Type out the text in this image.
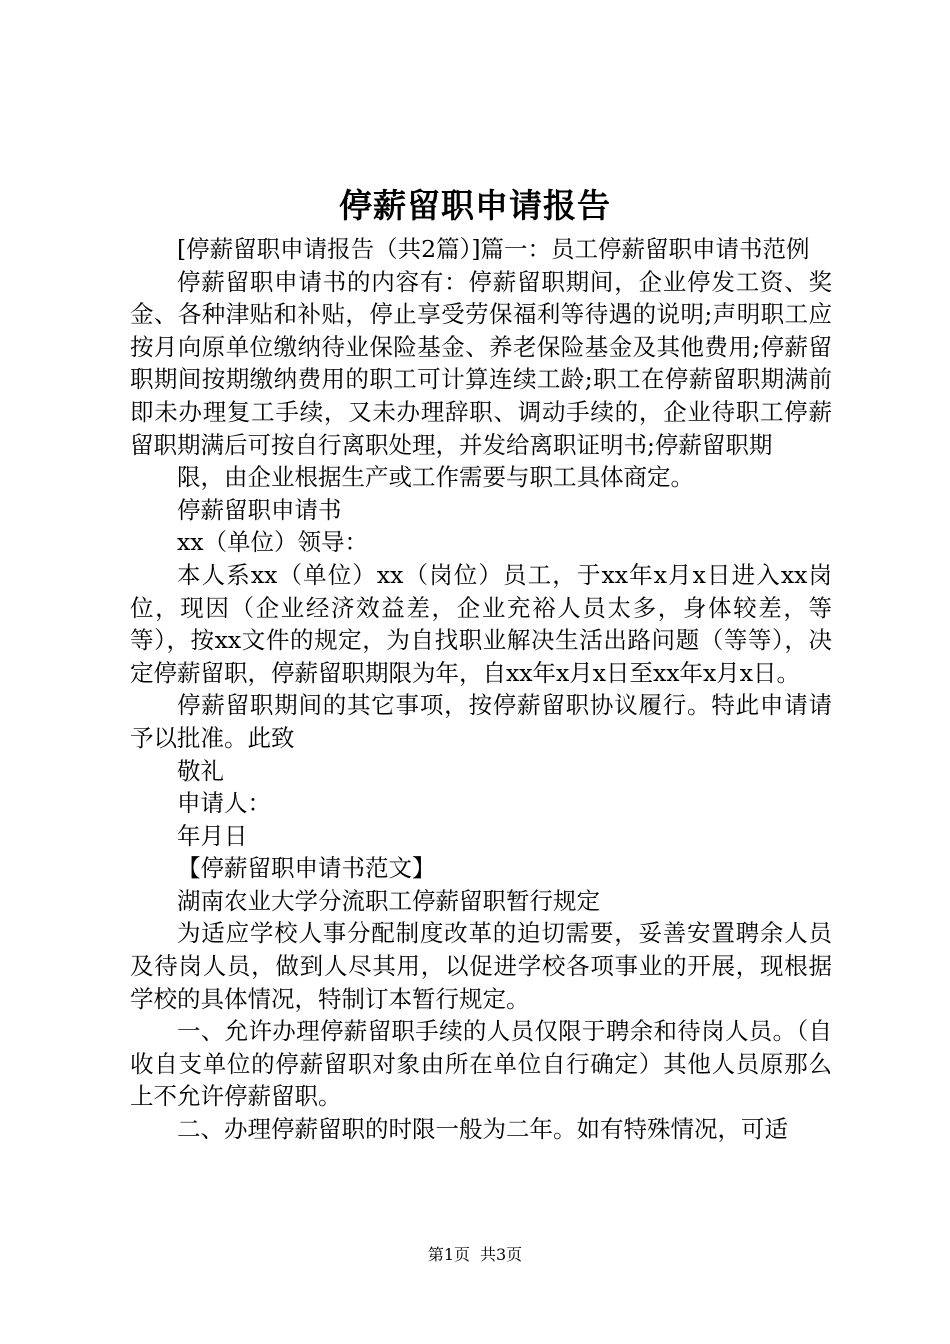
停薪留职申请报告

[停薪留职申请报告（共2篇）]篇一：员工停薪留职申请书范例

停薪留职申请书的内容有：停薪留职期间，企业停发工资、奖金、各种津贴和补贴，停止享受劳保福利等待遇的说明;声明职工应按月向原单位缴纳待业保险基金、养老保险基金及其他费用;停薪留职期间按期缴纳费用的职工可计算连续工龄;职工在停薪留职期满前即未办理复工手续，又未办理辞职、调动手续的，企业待职工停薪留职期满后可按自行离职处理，并发给离职证明书;停薪留职期

限，由企业根据生产或工作需要与职工具体商定。

停薪留职申请书

xx（单位）领导：

本人系xx（单位）xx（岗位）员工，于xx年x月x日进入xx岗位，现因（企业经济效益差，企业充裕人员太多，身体较差，等等），按xx文件的规定，为自找职业解决生活出路问题（等等），决定停薪留职，停薪留职期限为年，自xx年x月x日至xx年x月x日。

停薪留职期间的其它事项，按停薪留职协议履行。特此申请请予以批准。此致

敬礼

申请人：

年月日

【停薪留职申请书范文】

湖南农业大学分流职工停薪留职暂行规定

为适应学校人事分配制度改革的迫切需要，妥善安置聘余人员及待岗人员，做到人尽其用，以促进学校各项事业的开展，现根据学校的具体情况，特制订本暂行规定。

一、允许办理停薪留职手续的人员仅限于聘余和待岗人员。（自收自支单位的停薪留职对象由所在单位自行确定）其他人员原那么上不允许停薪留职。

二、办理停薪留职的时限一般为二年。如有特殊情况，可适

第1页 共3页
